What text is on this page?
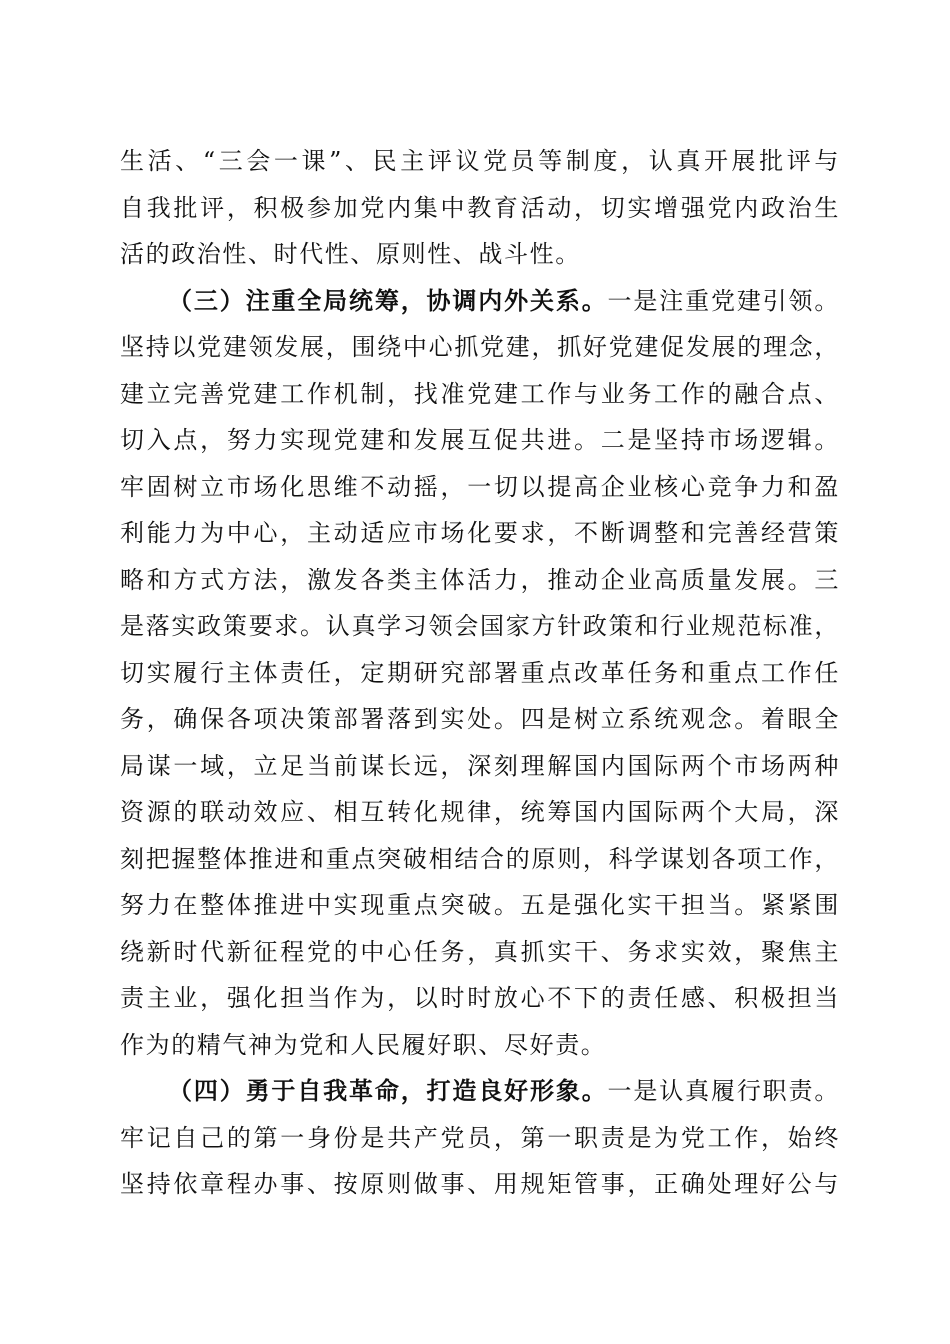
生活、“三会一课”、民主评议党员等制度，认真开展批评与
自我批评，积极参加党内集中教育活动，切实增强党内政治生
活的政治性、时代性、原则性、战斗性。
（三）注重全局统筹，协调内外关系。一是注重党建引领。
坚持以党建领发展，围绕中心抓党建，抓好党建促发展的理念，
建立完善党建工作机制，找准党建工作与业务工作的融合点、
切入点，努力实现党建和发展互促共进。二是坚持市场逻辑。
牢固树立市场化思维不动摇，一切以提高企业核心竞争力和盈
利能力为中心，主动适应市场化要求，不断调整和完善经营策
略和方式方法，激发各类主体活力，推动企业高质量发展。三
是落实政策要求。认真学习领会国家方针政策和行业规范标准，
切实履行主体责任，定期研究部署重点改革任务和重点工作任
务，确保各项决策部署落到实处。四是树立系统观念。着眼全
局谋一域，立足当前谋长远，深刻理解国内国际两个市场两种
资源的联动效应、相互转化规律，统筹国内国际两个大局，深
刻把握整体推进和重点突破相结合的原则，科学谋划各项工作，
努力在整体推进中实现重点突破。五是强化实干担当。紧紧围
绕新时代新征程党的中心任务，真抓实干、务求实效，聚焦主
责主业，强化担当作为，以时时放心不下的责任感、积极担当
作为的精气神为党和人民履好职、尽好责。
（四）勇于自我革命，打造良好形象。一是认真履行职责。
牢记自己的第一身份是共产党员，第一职责是为党工作，始终
坚持依章程办事、按原则做事、用规矩管事，正确处理好公与
